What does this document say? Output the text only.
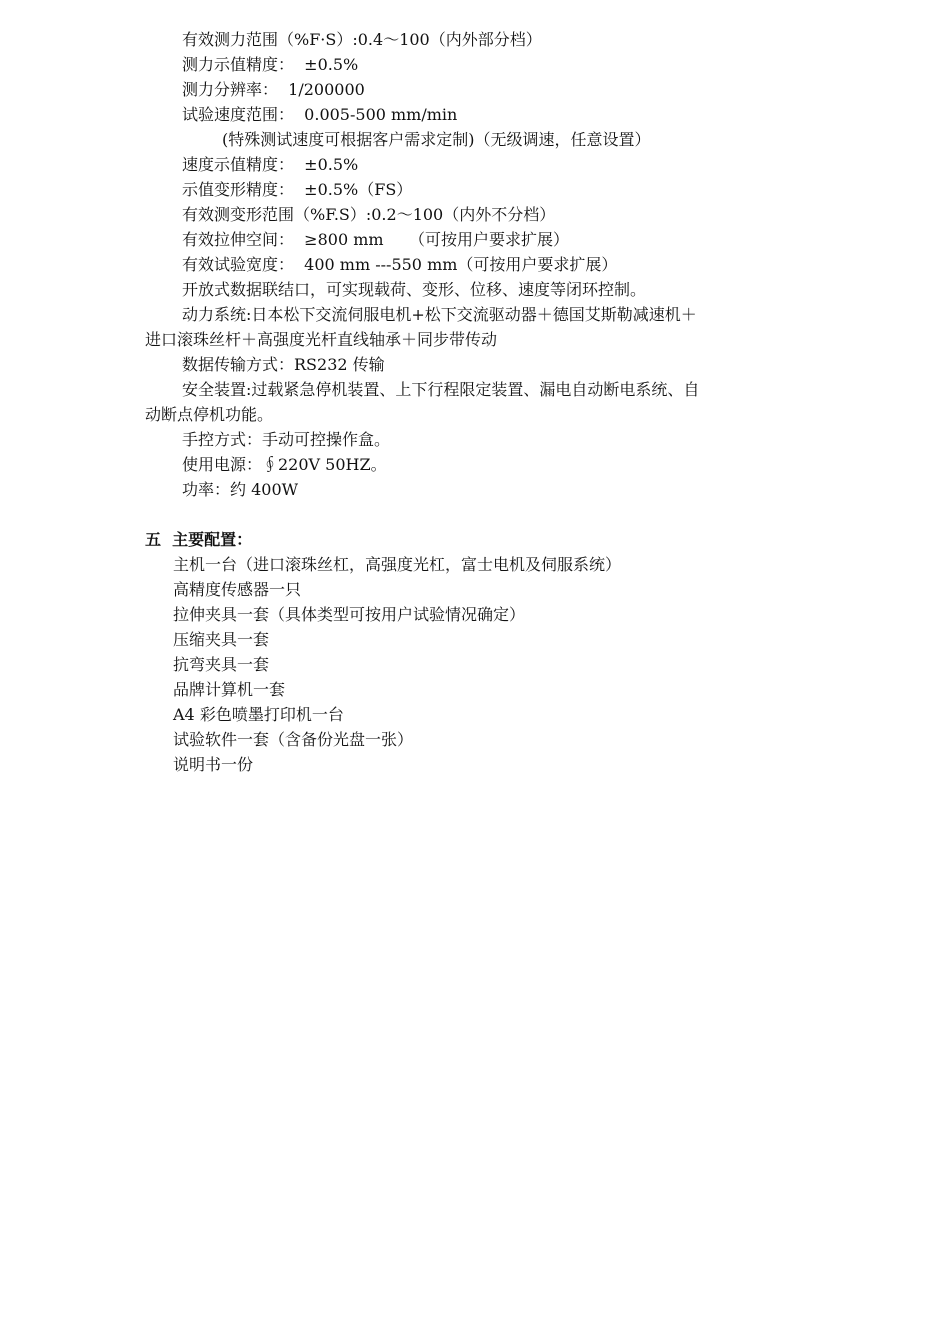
有效测力范围（%F·S）:0.4～100（内外部分档）

测力示值精度：  ±0.5%

测力分辨率：  1/200000

试验速度范围：  0.005-500 mm/min

(特殊测试速度可根据客户需求定制)（无级调速，任意设置）

速度示值精度：  ±0.5%

示值变形精度：  ±0.5%（FS）

有效测变形范围（%F.S）:0.2～100（内外不分档）

有效拉伸空间：  ≥800 mm     （可按用户要求扩展）

有效试验宽度：  400 mm ---550 mm（可按用户要求扩展）

开放式数据联结口，可实现载荷、变形、位移、速度等闭环控制。

动力系统:日本松下交流伺服电机+松下交流驱动器＋德国艾斯勒减速机＋

进口滚珠丝杆＋高强度光杆直线轴承＋同步带传动

数据传输方式：RS232 传输

安全装置:过载紧急停机装置、上下行程限定装置、漏电自动断电系统、自

动断点停机功能。

手控方式：手动可控操作盒。

使用电源：∮220V 50HZ。

功率：约 400W

五  主要配置：

主机一台（进口滚珠丝杠，高强度光杠，富士电机及伺服系统）

高精度传感器一只

拉伸夹具一套（具体类型可按用户试验情况确定）

压缩夹具一套

抗弯夹具一套

品牌计算机一套

A4 彩色喷墨打印机一台

试验软件一套（含备份光盘一张）

说明书一份
